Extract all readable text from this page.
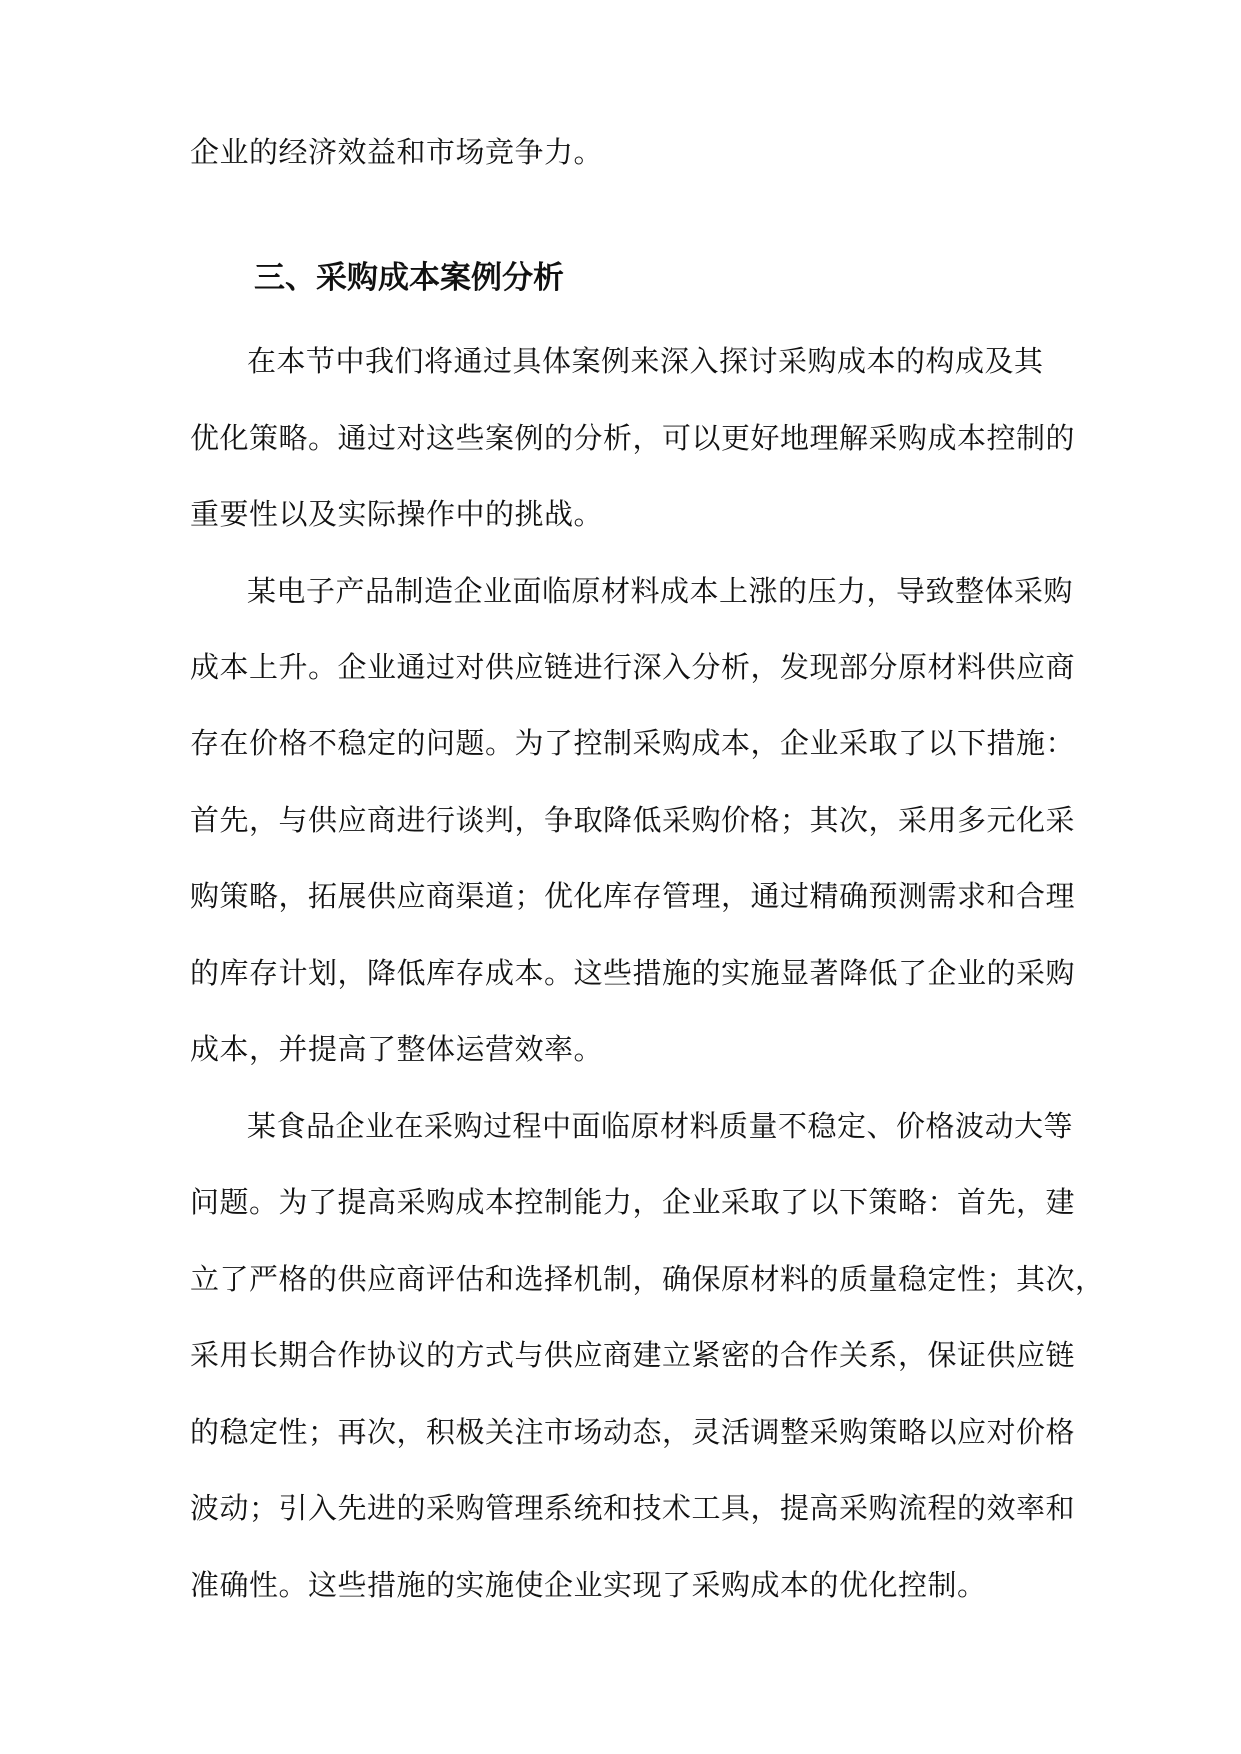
企业的经济效益和市场竞争力。
三、采购成本案例分析
在本节中我们将通过具体案例来深入探讨采购成本的构成及其
优化策略。通过对这些案例的分析，可以更好地理解采购成本控制的
重要性以及实际操作中的挑战。
某电子产品制造企业面临原材料成本上涨的压力，导致整体采购
成本上升。企业通过对供应链进行深入分析，发现部分原材料供应商
存在价格不稳定的问题。为了控制采购成本，企业采取了以下措施：
首先，与供应商进行谈判，争取降低采购价格；其次，采用多元化采
购策略，拓展供应商渠道；优化库存管理，通过精确预测需求和合理
的库存计划，降低库存成本。这些措施的实施显著降低了企业的采购
成本，并提高了整体运营效率。
某食品企业在采购过程中面临原材料质量不稳定、价格波动大等
问题。为了提高采购成本控制能力，企业采取了以下策略：首先，建
立了严格的供应商评估和选择机制，确保原材料的质量稳定性；其次，
采用长期合作协议的方式与供应商建立紧密的合作关系，保证供应链
的稳定性；再次，积极关注市场动态，灵活调整采购策略以应对价格
波动；引入先进的采购管理系统和技术工具，提高采购流程的效率和
准确性。这些措施的实施使企业实现了采购成本的优化控制。
